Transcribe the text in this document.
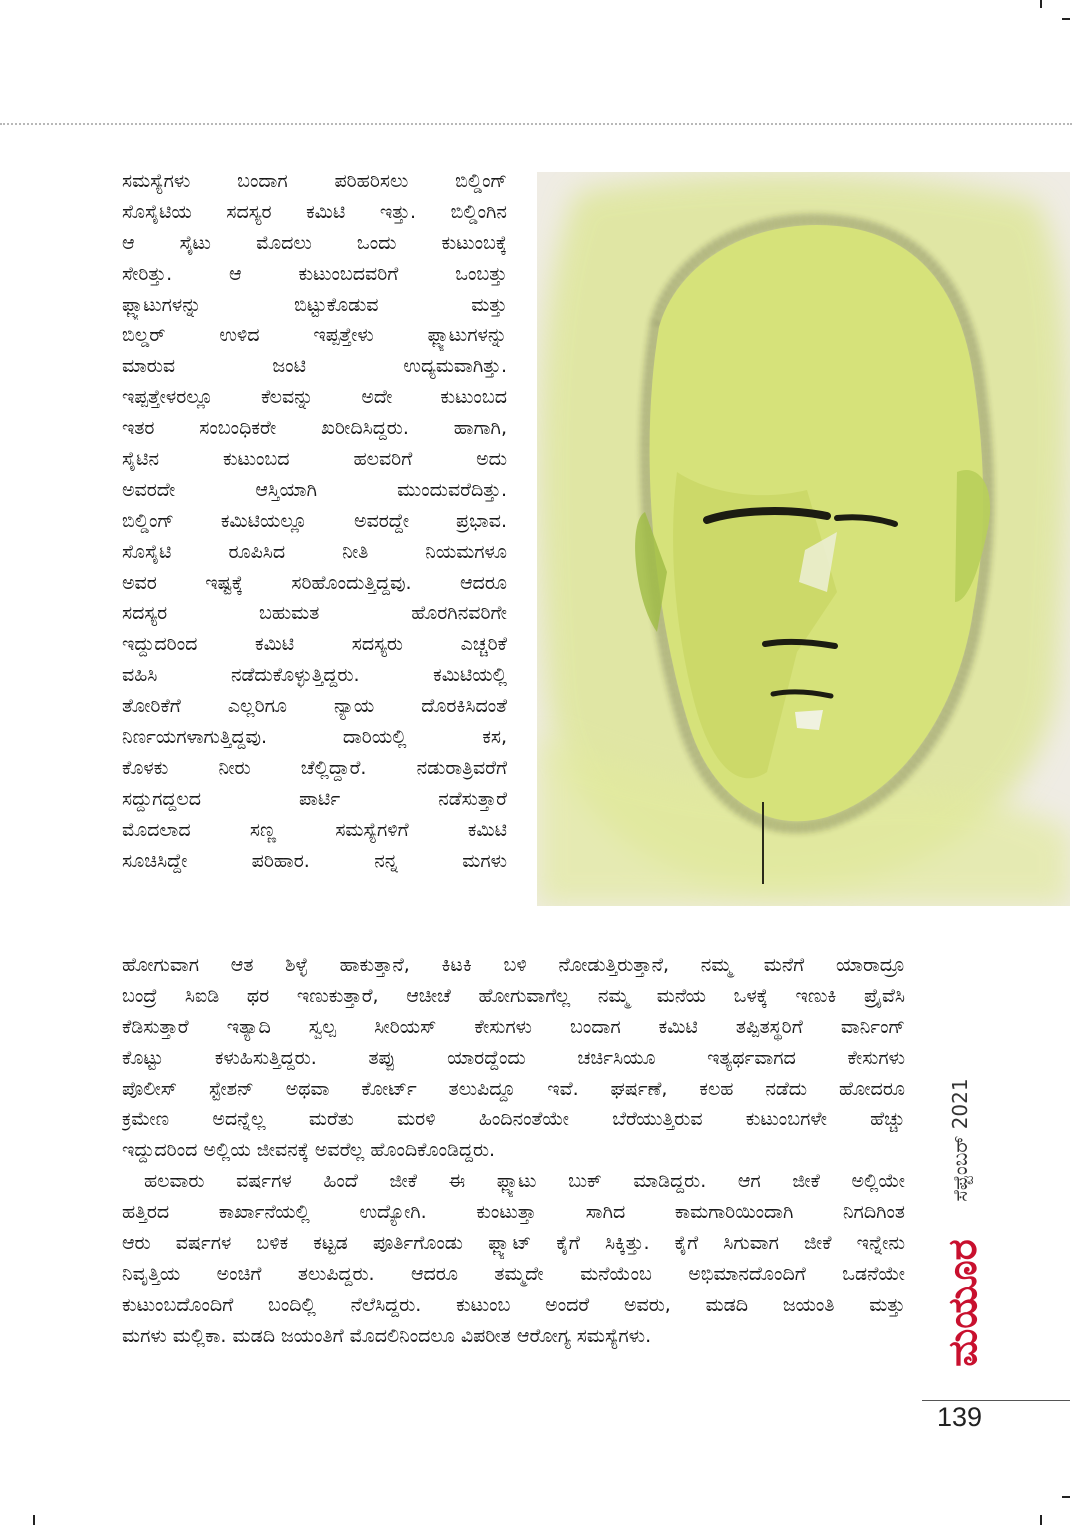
ಸಮಸ್ಯೆಗಳು ಬಂದಾಗ ಪರಿಹರಿಸಲು ಬಿಲ್ಡಿಂಗ್
ಸೊಸೈಟಿಯ ಸದಸ್ಯರ ಕಮಿಟಿ ಇತ್ತು. ಬಿಲ್ಡಿಂಗಿನ
ಆ ಸೈಟು ಮೊದಲು ಒಂದು ಕುಟುಂಬಕ್ಕೆ
ಸೇರಿತ್ತು. ಆ ಕುಟುಂಬದವರಿಗೆ ಒಂಬತ್ತು
ಫ್ಲ್ಯಾಟುಗಳನ್ನು ಬಿಟ್ಟುಕೊಡುವ ಮತ್ತು
ಬಿಲ್ಡರ್ ಉಳಿದ ಇಪ್ಪತ್ತೇಳು ಫ್ಲ್ಯಾಟುಗಳನ್ನು
ಮಾರುವ ಜಂಟಿ ಉದ್ಯಮವಾಗಿತ್ತು.
ಇಪ್ಪತ್ತೇಳರಲ್ಲೂ ಕೆಲವನ್ನು ಅದೇ ಕುಟುಂಬದ
ಇತರ ಸಂಬಂಧಿಕರೇ ಖರೀದಿಸಿದ್ದರು. ಹಾಗಾಗಿ,
ಸೈಟಿನ ಕುಟುಂಬದ ಹಲವರಿಗೆ ಅದು
ಅವರದೇ ಆಸ್ತಿಯಾಗಿ ಮುಂದುವರೆದಿತ್ತು.
ಬಿಲ್ಡಿಂಗ್ ಕಮಿಟಿಯಲ್ಲೂ ಅವರದ್ದೇ ಪ್ರಭಾವ.
ಸೊಸೈಟಿ ರೂಪಿಸಿದ ನೀತಿ ನಿಯಮಗಳೂ
ಅವರ ಇಷ್ಟಕ್ಕೆ ಸರಿಹೊಂದುತ್ತಿದ್ದವು. ಆದರೂ
ಸದಸ್ಯರ ಬಹುಮತ ಹೊರಗಿನವರಿಗೇ
ಇದ್ದುದರಿಂದ ಕಮಿಟಿ ಸದಸ್ಯರು ಎಚ್ಚರಿಕೆ
ವಹಿಸಿ ನಡೆದುಕೊಳ್ಳುತ್ತಿದ್ದರು. ಕಮಿಟಿಯಲ್ಲಿ
ತೋರಿಕೆಗೆ ಎಲ್ಲರಿಗೂ ನ್ಯಾಯ ದೊರಕಿಸಿದಂತೆ
ನಿರ್ಣಯಗಳಾಗುತ್ತಿದ್ದವು. ದಾರಿಯಲ್ಲಿ ಕಸ,
ಕೊಳಕು ನೀರು ಚೆಲ್ಲಿದ್ದಾರೆ. ನಡುರಾತ್ರಿವರೆಗೆ
ಸದ್ದುಗದ್ದಲದ ಪಾರ್ಟಿ ನಡೆಸುತ್ತಾರೆ
ಮೊದಲಾದ ಸಣ್ಣ ಸಮಸ್ಯೆಗಳಿಗೆ ಕಮಿಟಿ
ಸೂಚಿಸಿದ್ದೇ ಪರಿಹಾರ. ನನ್ನ ಮಗಳು
ಹೋಗುವಾಗ ಆತ ಶಿಳ್ಳೆ ಹಾಕುತ್ತಾನೆ, ಕಿಟಕಿ ಬಳಿ ನೋಡುತ್ತಿರುತ್ತಾನೆ, ನಮ್ಮ ಮನೆಗೆ ಯಾರಾದ್ರೂ
ಬಂದ್ರೆ ಸಿಐಡಿ ಥರ ಇಣುಕುತ್ತಾರೆ, ಆಚೀಚೆ ಹೋಗುವಾಗೆಲ್ಲ ನಮ್ಮ ಮನೆಯ ಒಳಕ್ಕೆ ಇಣುಕಿ ಪ್ರೈವೆಸಿ
ಕೆಡಿಸುತ್ತಾರೆ ಇತ್ಯಾದಿ ಸ್ವಲ್ಪ ಸೀರಿಯಸ್ ಕೇಸುಗಳು ಬಂದಾಗ ಕಮಿಟಿ ತಪ್ಪಿತಸ್ಥರಿಗೆ ವಾರ್ನಿಂಗ್
ಕೊಟ್ಟು ಕಳುಹಿಸುತ್ತಿದ್ದರು. ತಪ್ಪು ಯಾರದ್ದೆಂದು ಚರ್ಚಿಸಿಯೂ ಇತ್ಯರ್ಥವಾಗದ ಕೇಸುಗಳು
ಪೊಲೀಸ್ ಸ್ಟೇಶನ್ ಅಥವಾ ಕೋರ್ಟ್ ತಲುಪಿದ್ದೂ ಇವೆ. ಘರ್ಷಣೆ, ಕಲಹ ನಡೆದು ಹೋದರೂ
ಕ್ರಮೇಣ ಅದನ್ನೆಲ್ಲ ಮರೆತು ಮರಳಿ ಹಿಂದಿನಂತೆಯೇ ಬೆರೆಯುತ್ತಿರುವ ಕುಟುಂಬಗಳೇ ಹೆಚ್ಚು
ಇದ್ದುದರಿಂದ ಅಲ್ಲಿಯ ಜೀವನಕ್ಕೆ ಅವರೆಲ್ಲ ಹೊಂದಿಕೊಂಡಿದ್ದರು.
ಹಲವಾರು ವರ್ಷಗಳ ಹಿಂದೆ ಜೀಕೆ ಈ ಫ್ಲ್ಯಾಟು ಬುಕ್ ಮಾಡಿದ್ದರು. ಆಗ ಜೀಕೆ ಅಲ್ಲಿಯೇ
ಹತ್ತಿರದ ಕಾರ್ಖಾನೆಯಲ್ಲಿ ಉದ್ಯೋಗಿ. ಕುಂಟುತ್ತಾ ಸಾಗಿದ ಕಾಮಗಾರಿಯಿಂದಾಗಿ ನಿಗದಿಗಿಂತ
ಆರು ವರ್ಷಗಳ ಬಳಿಕ ಕಟ್ಟಡ ಪೂರ್ತಿಗೊಂಡು ಫ್ಲ್ಯಾಟ್ ಕೈಗೆ ಸಿಕ್ಕಿತ್ತು. ಕೈಗೆ ಸಿಗುವಾಗ ಜೀಕೆ ಇನ್ನೇನು
ನಿವೃತ್ತಿಯ ಅಂಚಿಗೆ ತಲುಪಿದ್ದರು. ಆದರೂ ತಮ್ಮದೇ ಮನೆಯೆಂಬ ಅಭಿಮಾನದೊಂದಿಗೆ ಒಡನೆಯೇ
ಕುಟುಂಬದೊಂದಿಗೆ ಬಂದಿಲ್ಲಿ ನೆಲೆಸಿದ್ದರು. ಕುಟುಂಬ ಅಂದರೆ ಅವರು, ಮಡದಿ ಜಯಂತಿ ಮತ್ತು
ಮಗಳು ಮಲ್ಲಿಕಾ. ಮಡದಿ ಜಯಂತಿಗೆ ಮೊದಲಿನಿಂದಲೂ ವಿಪರೀತ ಆರೋಗ್ಯ ಸಮಸ್ಯೆಗಳು.
ಸೆಪ್ಟೆಂಬರ್ 2021
ಮಯೂರ
139
